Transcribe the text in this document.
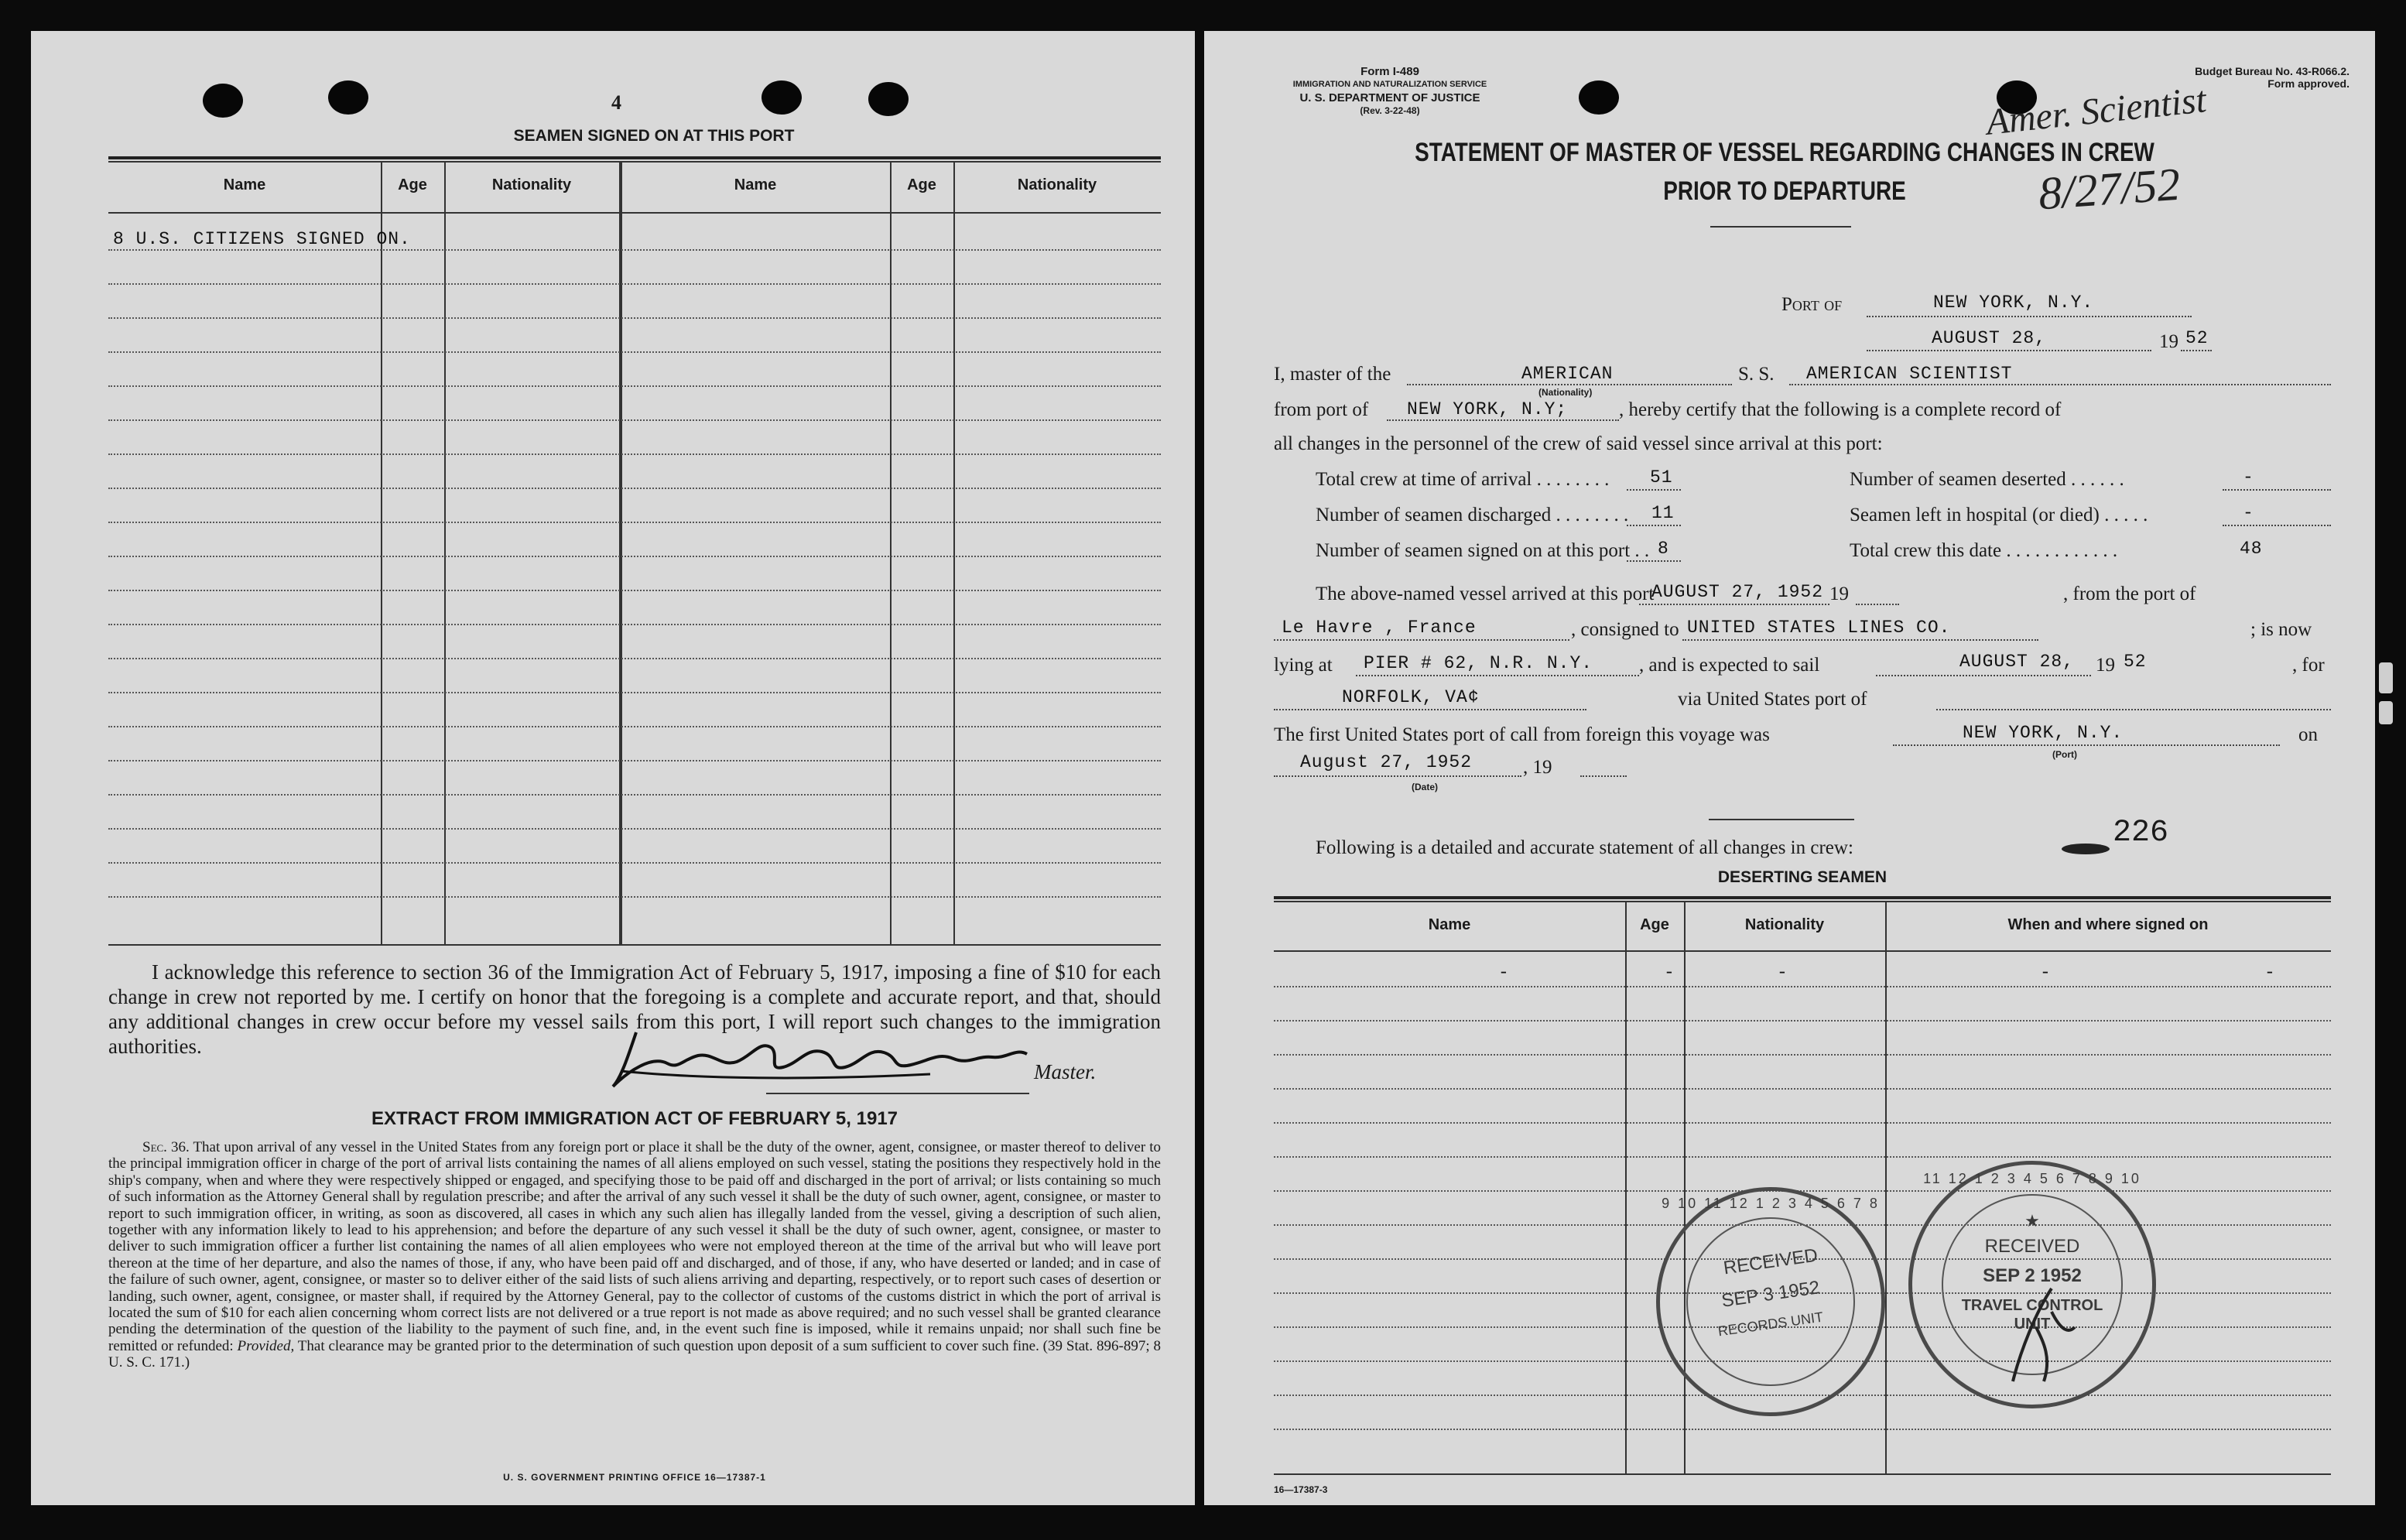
4
SEAMEN SIGNED ON AT THIS PORT
Name	Age	Nationality	Name	Age	Nationality
8 U.S. CITIZENS SIGNED ON.
I acknowledge this reference to section 36 of the Immigration Act of February 5, 1917, imposing a fine of $10 for each change in crew not reported by me. I certify on honor that the foregoing is a complete and accurate report, and that, should any additional changes in crew occur before my vessel sails from this port, I will report such changes to the immigration authorities.
Master.
EXTRACT FROM IMMIGRATION ACT OF FEBRUARY 5, 1917
Sec. 36. That upon arrival of any vessel in the United States from any foreign port or place it shall be the duty of the owner, agent, consignee, or master thereof to deliver to the principal immigration officer in charge of the port of arrival lists containing the names of all aliens employed on such vessel, stating the positions they respectively hold in the ship's company, when and where they were respectively shipped or engaged, and specifying those to be paid off and discharged in the port of arrival; or lists containing so much of such information as the Attorney General shall by regulation prescribe; and after the arrival of any such vessel it shall be the duty of such owner, agent, consignee, or master to report to such immigration officer, in writing, as soon as discovered, all cases in which any such alien has illegally landed from the vessel, giving a description of such alien, together with any information likely to lead to his apprehension; and before the departure of any such vessel it shall be the duty of such owner, agent, consignee, or master to deliver to such immigration officer a further list containing the names of all alien employees who were not employed thereon at the time of the arrival but who will leave port thereon at the time of her departure, and also the names of those, if any, who have been paid off and discharged, and of those, if any, who have deserted or landed; and in case of the failure of such owner, agent, consignee, or master so to deliver either of the said lists of such aliens arriving and departing, respectively, or to report such cases of desertion or landing, such owner, agent, consignee, or master shall, if required by the Attorney General, pay to the collector of customs of the customs district in which the port of arrival is located the sum of $10 for each alien concerning whom correct lists are not delivered or a true report is not made as above required; and no such vessel shall be granted clearance pending the determination of the question of the liability to the payment of such fine, and, in the event such fine is imposed, while it remains unpaid; nor shall such fine be remitted or refunded: Provided, That clearance may be granted prior to the determination of such question upon deposit of a sum sufficient to cover such fine. (39 Stat. 896-897; 8 U. S. C. 171.)
U. S. GOVERNMENT PRINTING OFFICE 16—17387-1
Form I-489
IMMIGRATION AND NATURALIZATION SERVICE
U. S. DEPARTMENT OF JUSTICE
(Rev. 3-22-48)
Budget Bureau No. 43-R066.2.
Form approved.
Amer. Scientist
8/27/52
STATEMENT OF MASTER OF VESSEL REGARDING CHANGES IN CREW
PRIOR TO DEPARTURE
Port of	NEW YORK, N.Y.
AUGUST 28,	19 52
I, master of the	AMERICAN
(Nationality)
S. S. AMERICAN SCIENTIST
from port of NEW YORK, N.Y;	, hereby certify that the following is a complete record of
all changes in the personnel of the crew of said vessel since arrival at this port:
Total crew at time of arrival . . . . . . . . 51
Number of seamen discharged . . . . . . . . 11
Number of seamen signed on at this port . . 8
Number of seamen deserted . . . . . .	-
Seamen left in hospital (or died) . . . . .	-
Total crew this date . . . . . . . . . . . .	48
The above-named vessel arrived at this port
AUGUST 27, 1952 19	, from the port of
Le Havre , France	, consigned to UNITED STATES LINES CO.	; is now
lying at PIER # 62, N.R. N.Y. , and is expected to sail	AUGUST 28, 19 52	, for
NORFOLK, VA¢	via United States port of
The first United States port of call from foreign this voyage was	NEW YORK, N.Y.
(Port)
on
August 27, 1952	, 19
(Date)
Following is a detailed and accurate statement of all changes in crew:	226
DESERTING SEAMEN
Name	Age	Nationality	When and where signed on
-	-	-	-	-
9 10 11 12 1 2 3 4 5 6 7 8
RECEIVED
SEP 3 1952
RECORDS UNIT
11 12 1 2 3 4 5 6 7 8 9 10
★
RECEIVED
SEP 2 1952
TRAVEL CONTROL UNIT
16—17387-3
